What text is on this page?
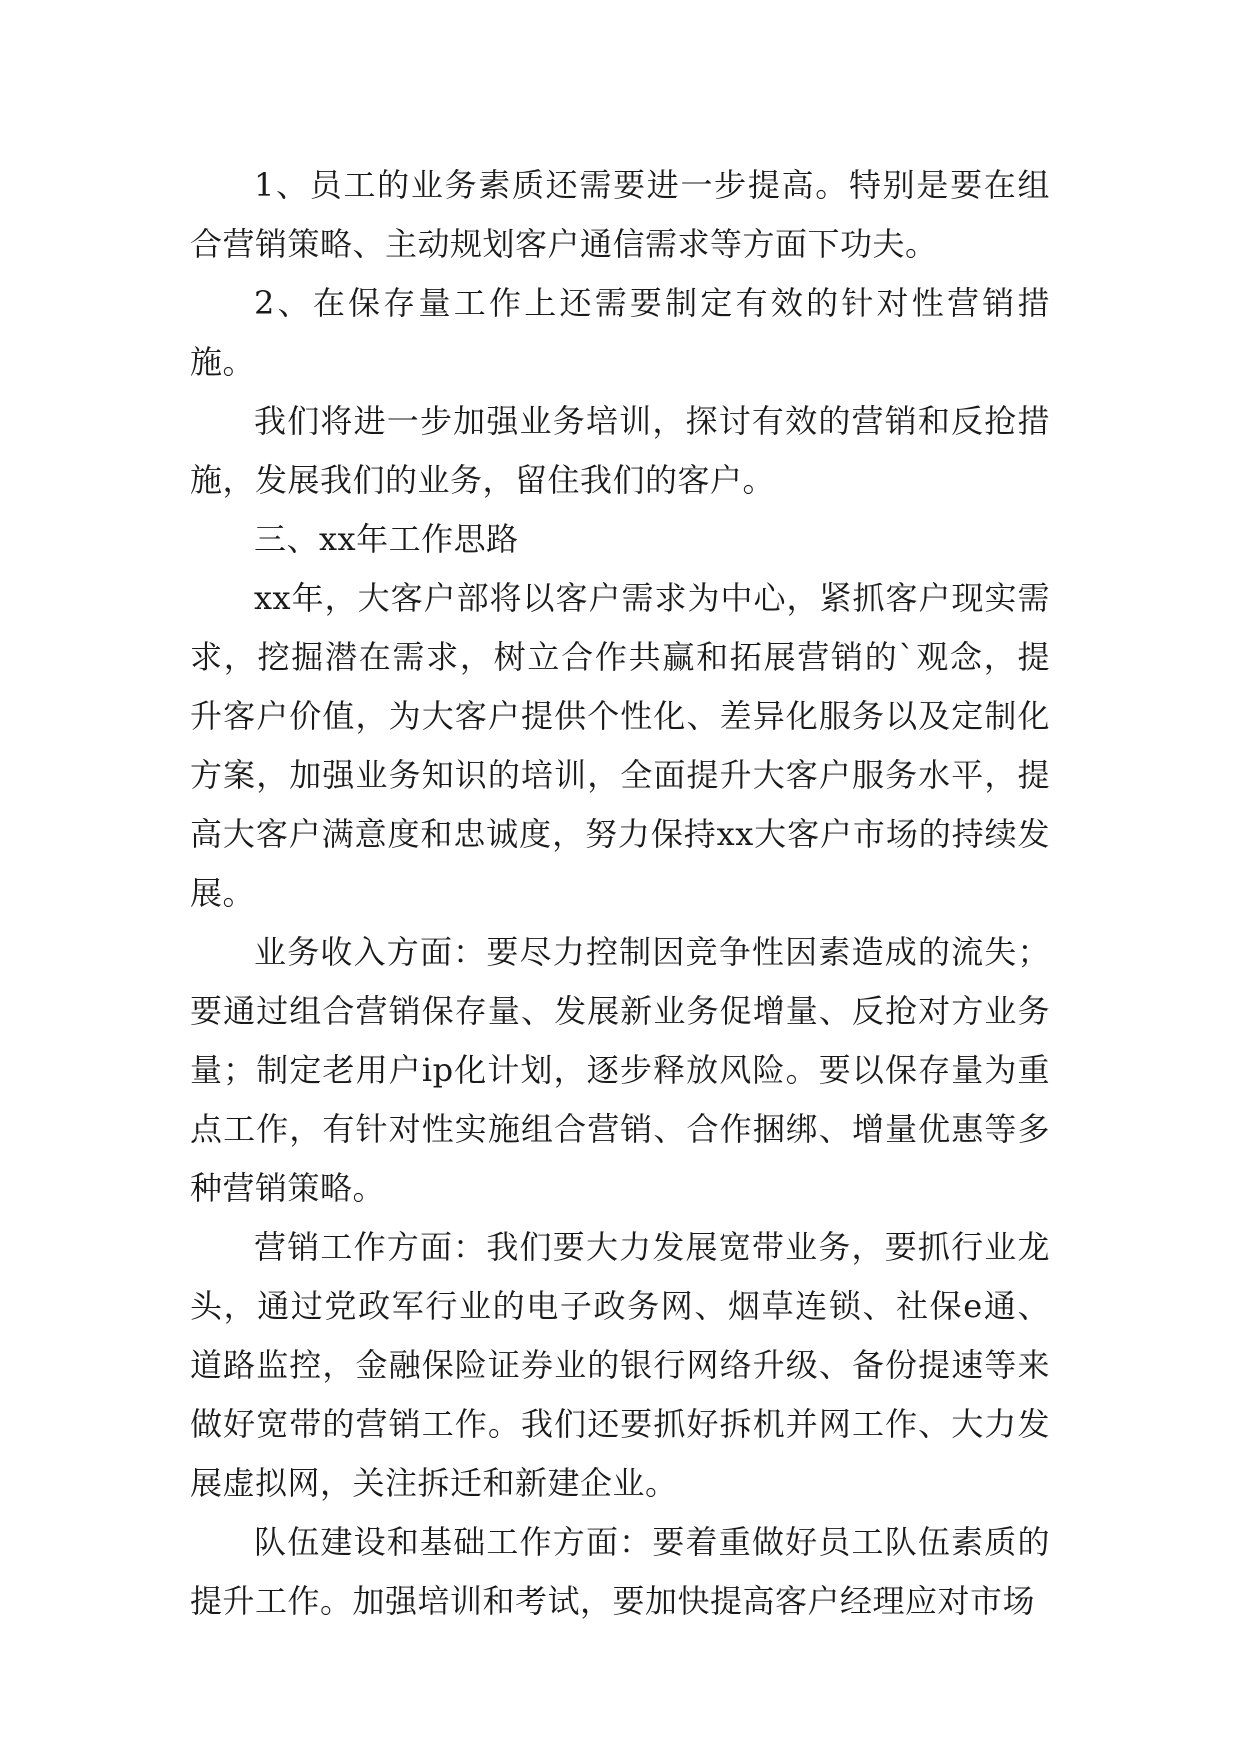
1、员工的业务素质还需要进一步提高。特别是要在组合营销策略、主动规划客户通信需求等方面下功夫。

2、在保存量工作上还需要制定有效的针对性营销措施。

我们将进一步加强业务培训，探讨有效的营销和反抢措施，发展我们的业务，留住我们的客户。

三、xx年工作思路

xx年，大客户部将以客户需求为中心，紧抓客户现实需求，挖掘潜在需求，树立合作共赢和拓展营销的`观念，提升客户价值，为大客户提供个性化、差异化服务以及定制化方案，加强业务知识的培训，全面提升大客户服务水平，提高大客户满意度和忠诚度，努力保持xx大客户市场的持续发展。

业务收入方面：要尽力控制因竞争性因素造成的流失；要通过组合营销保存量、发展新业务促增量、反抢对方业务量；制定老用户ip化计划，逐步释放风险。要以保存量为重点工作，有针对性实施组合营销、合作捆绑、增量优惠等多种营销策略。

营销工作方面：我们要大力发展宽带业务，要抓行业龙头，通过党政军行业的电子政务网、烟草连锁、社保e通、道路监控，金融保险证券业的银行网络升级、备份提速等来做好宽带的营销工作。我们还要抓好拆机并网工作、大力发展虚拟网，关注拆迁和新建企业。

队伍建设和基础工作方面：要着重做好员工队伍素质的提升工作。加强培训和考试，要加快提高客户经理应对市场
